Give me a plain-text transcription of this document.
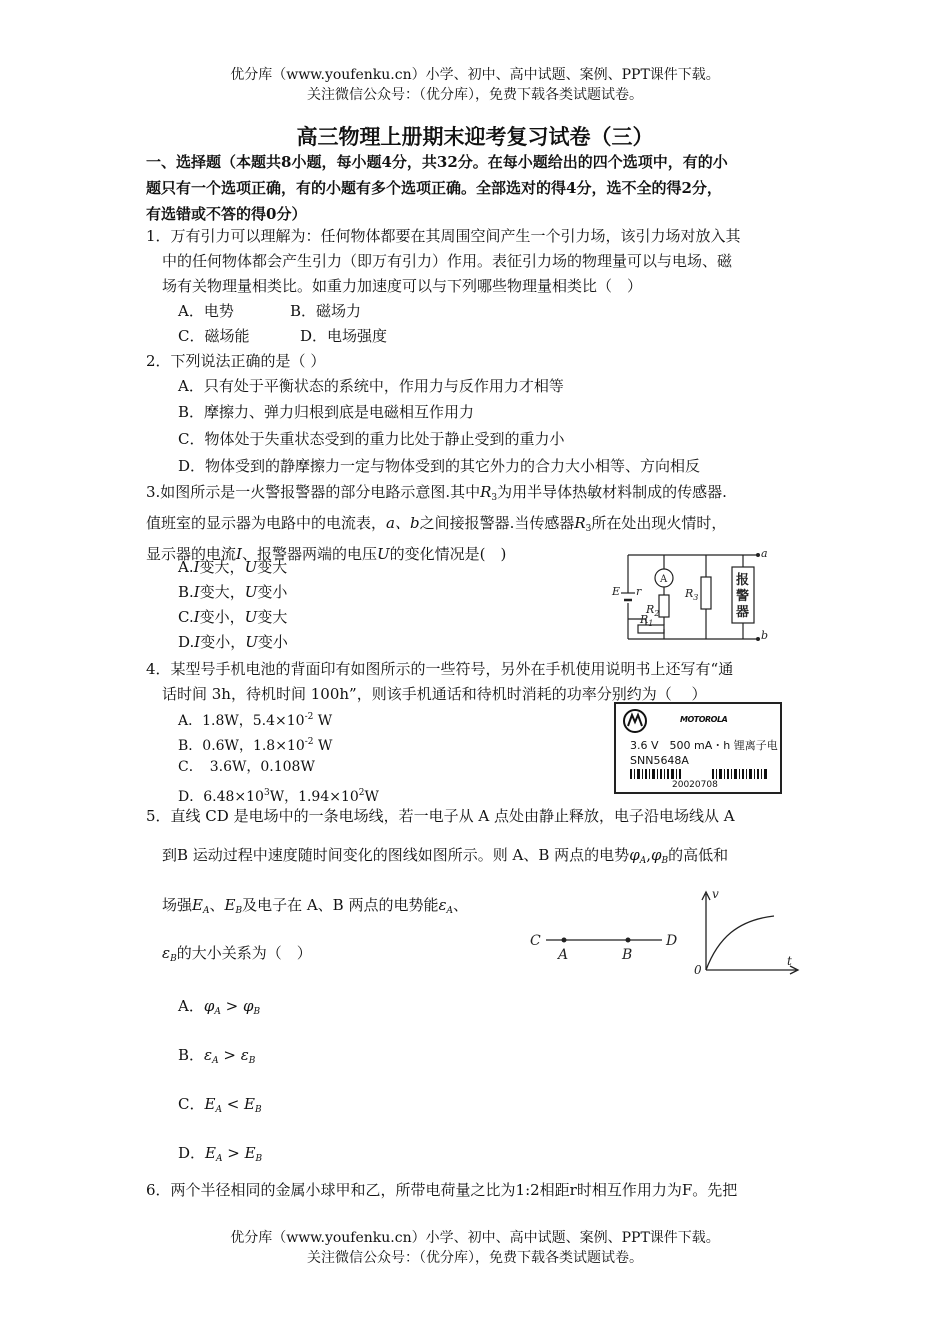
优分库（www.youfenku.cn）小学、初中、高中试题、案例、PPT课件下载。
关注微信公众号：（优分库），免费下载各类试题试卷。
高三物理上册期末迎考复习试卷（三）
一、选择题（本题共8小题，每小题4分，共32分。在每小题给出的四个选项中，有的小
题只有一个选项正确，有的小题有多个选项正确。全部选对的得4分，选不全的得2分，
有选错或不答的得0分）
1．万有引力可以理解为：任何物体都要在其周围空间产生一个引力场，该引力场对放入其
中的任何物体都会产生引力（即万有引力）作用。表征引力场的物理量可以与电场、磁
场有关物理量相类比。如重力加速度可以与下列哪些物理量相类比（　）
A．电势	B．磁场力
C．磁场能	D．电场强度
2．下列说法正确的是（ ）
A．只有处于平衡状态的系统中，作用力与反作用力才相等
B．摩擦力、弹力归根到底是电磁相互作用力
C．物体处于失重状态受到的重力比处于静止受到的重力小
D．物体受到的静摩擦力一定与物体受到的其它外力的合力大小相等、方向相反
3.如图所示是一火警报警器的部分电路示意图.其中$R_3$为用半导体热敏材料制成的传感器.
值班室的显示器为电路中的电流表，a、b之间接报警器.当传感器$R_3$所在处出现火情时，
显示器的电流I、报警器两端的电压U的变化情况是(　)
A.I变大，U变大
B.I变大，U变小
C.I变小，U变大
D.I变小，U变小
E r
A
$R_2$
$R_1$
$R_3$
a
b
报
警
器
4．某型号手机电池的背面印有如图所示的一些符号，另外在手机使用说明书上还写有“通
话时间 3h，待机时间 100h”，则该手机通话和待机时消耗的功率分别约为（　 ）
A．1.8W，$5.4\times 10^{-2}$ W
B．0.6W，$1.8\times 10^{-2}$ W
C．　3.6W，0.108W
D．$6.48\times 10^3W$，$1.94\times 10^2W$
MOTOROLA
3.6 V　500 mA・h 锂离子电
SNN5648A
20020708
5．直线 CD 是电场中的一条电场线，若一电子从 A 点处由静止释放，电子沿电场线从 A
到B 运动过程中速度随时间变化的图线如图所示。则 A、B 两点的电势$\varphi_A,\varphi_B$的高低和
场强$E_A$、$E_B$及电子在 A、B 两点的电势能$\varepsilon_A$、
$\varepsilon_B$的大小关系为（　）
A．$\varphi_A > \varphi_B$
B．$\varepsilon_A > \varepsilon_B$
C．$E_A < E_B$
D．$E_A > E_B$
C
A	B
D
v
t
0
6．两个半径相同的金属小球甲和乙，所带电荷量之比为1:2相距r时相互作用力为F。先把
优分库（www.youfenku.cn）小学、初中、高中试题、案例、PPT课件下载。
关注微信公众号：（优分库），免费下载各类试题试卷。
